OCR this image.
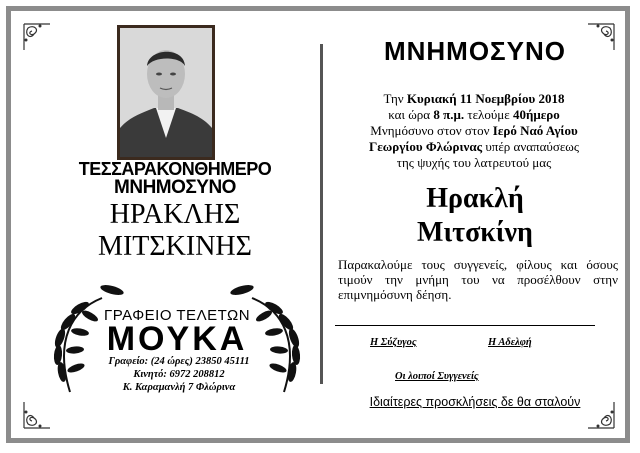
ΤΕΣΣΑΡΑΚΟΝΘΗΜΕΡΟ
ΜΝΗΜΟΣΥΝΟ
ΗΡΑΚΛΗΣ
ΜΙΤΣΚΙΝΗΣ
ΓΡΑΦΕΙΟ ΤΕΛΕΤΩΝ
ΜΟΥΚΑ
Γραφείο: (24 ώρες) 23850 45111
Κινητό: 6972 208812
Κ. Καραμανλή 7 Φλώρινα
ΜΝΗΜΟΣΥΝΟ
Την Κυριακή 11 Νοεμβρίου 2018
και ώρα 8 π.μ. τελούμε 40ήμερο
Μνημόσυνο στον στον Ιερό Ναό Αγίου
Γεωργίου Φλώρινας υπέρ αναπαύσεως
της ψυχής του λατρευτού μας
Ηρακλή
Μιτσκίνη
Παρακαλούμε τους συγγενείς, φίλους και όσους τιμούν την μνήμη του να προσέλθουν στην επιμνημόσυνη δέηση.
Η Σύζυγος	Η Αδελφή
Οι λοιποί Συγγενείς
Ιδιαίτερες προσκλήσεις δε θα σταλούν
